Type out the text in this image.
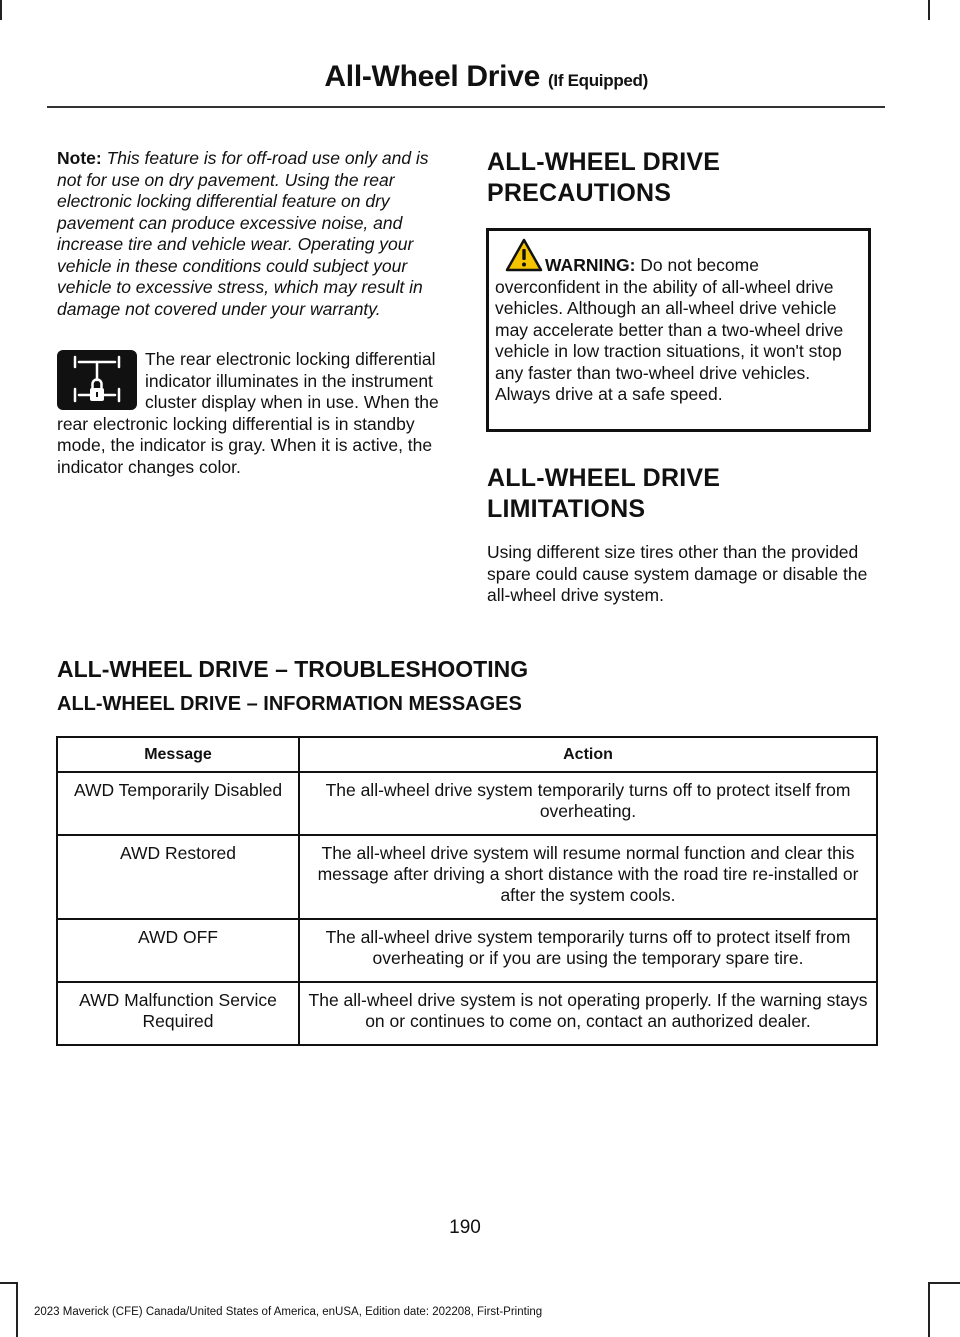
All-Wheel Drive (If Equipped)

Note: This feature is for off-road use only and is not for use on dry pavement. Using the rear electronic locking differential feature on dry pavement can produce excessive noise, and increase tire and vehicle wear. Operating your vehicle in these conditions could subject your vehicle to excessive stress, which may result in damage not covered under your warranty.

The rear electronic locking differential indicator illuminates in the instrument cluster display when in use. When the rear electronic locking differential is in standby mode, the indicator is gray. When it is active, the indicator changes color.

ALL-WHEEL DRIVE
PRECAUTIONS

WARNING: Do not become overconfident in the ability of all-wheel drive vehicles. Although an all-wheel drive vehicle may accelerate better than a two-wheel drive vehicle in low traction situations, it won't stop any faster than two-wheel drive vehicles. Always drive at a safe speed.

ALL-WHEEL DRIVE
LIMITATIONS

Using different size tires other than the provided spare could cause system damage or disable the all-wheel drive system.

ALL-WHEEL DRIVE – TROUBLESHOOTING
ALL-WHEEL DRIVE – INFORMATION MESSAGES
Message	Action
AWD Temporarily Disabled	The all-wheel drive system temporarily turns off to protect itself from overheating.
AWD Restored	The all-wheel drive system will resume normal function and clear this message after driving a short distance with the road tire re-installed or after the system cools.
AWD OFF	The all-wheel drive system temporarily turns off to protect itself from overheating or if you are using the temporary spare tire.
AWD Malfunction Service Required	The all-wheel drive system is not operating properly. If the warning stays on or continues to come on, contact an authorized dealer.
190
2023 Maverick (CFE) Canada/United States of America, enUSA, Edition date: 202208, First-Printing
